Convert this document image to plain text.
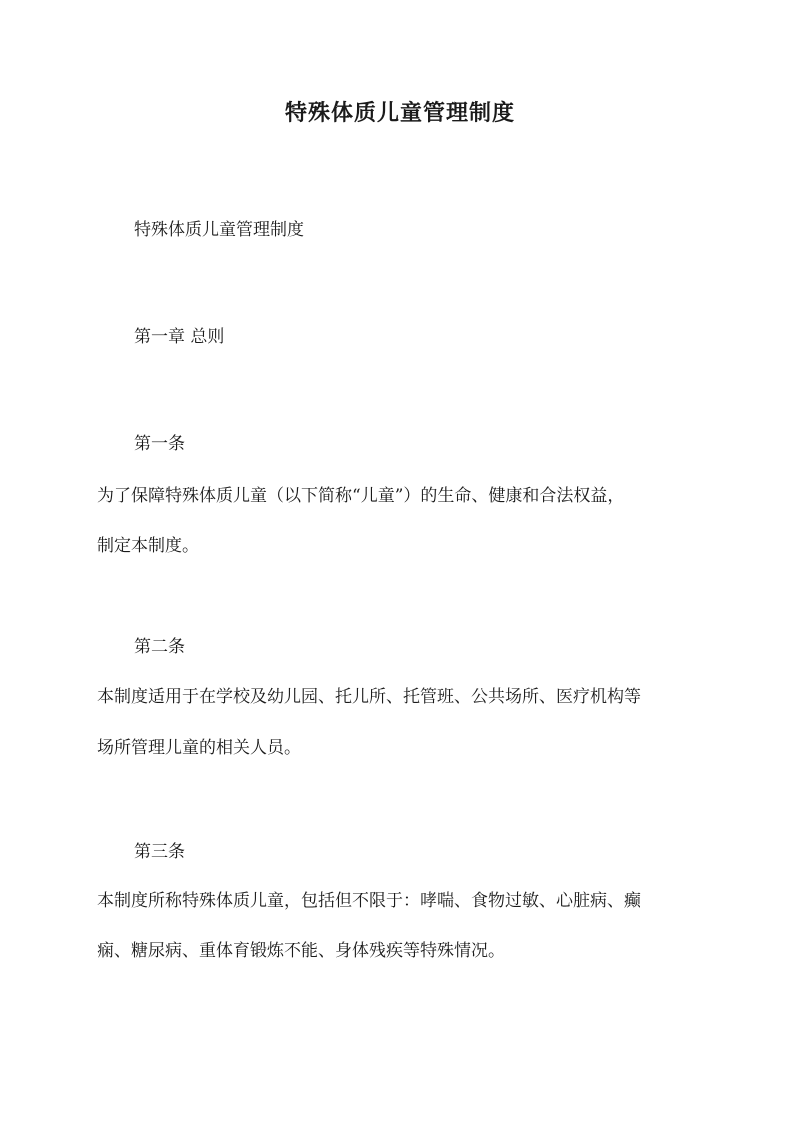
特殊体质儿童管理制度
特殊体质儿童管理制度
第一章 总则
第一条
为了保障特殊体质儿童（以下简称“儿童”）的生命、健康和合法权益，
制定本制度。
第二条
本制度适用于在学校及幼儿园、托儿所、托管班、公共场所、医疗机构等
场所管理儿童的相关人员。
第三条
本制度所称特殊体质儿童，包括但不限于：哮喘、食物过敏、心脏病、癫
痫、糖尿病、重体育锻炼不能、身体残疾等特殊情况。
